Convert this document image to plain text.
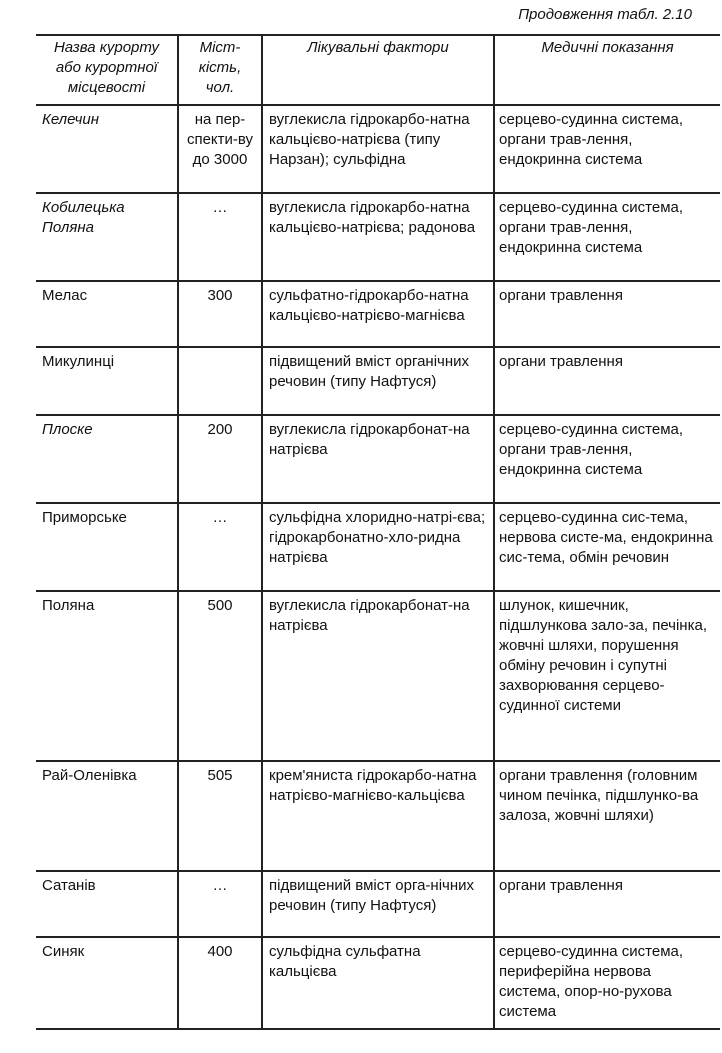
Продовження табл. 2.10
Назва курорту або курортної місцевості	Міст-кість, чол.	Лікувальні фактори	Медичні показання
Келечин	на пер-спекти-ву до 3000	вуглекисла гідрокарбо-натна кальцієво-натрієва (типу Нарзан); сульфідна	серцево-судинна система, органи трав-лення, ендокринна система
Кобилецька Поляна	…	вуглекисла гідрокарбо-натна кальцієво-натрієва; радонова	серцево-судинна система, органи трав-лення, ендокринна система
Мелас	300	сульфатно-гідрокарбо-натна кальцієво-натрієво-магнієва	органи травлення
Микулинці		підвищений вміст органічних речовин (типу Нафтуся)	органи травлення
Плоске	200	вуглекисла гідрокарбонат-на натрієва	серцево-судинна система, органи трав-лення, ендокринна система
Приморське	…	сульфідна хлоридно-натрі-єва; гідрокарбонатно-хло-ридна натрієва	серцево-судинна сис-тема, нервова систе-ма, ендокринна сис-тема, обмін речовин
Поляна	500	вуглекисла гідрокарбонат-на натрієва	шлунок, кишечник, підшлункова зало-за, печінка, жовчні шляхи, порушення обміну речовин і супутні захворювання серцево-судинної системи
Рай-Оленівка	505	крем'яниста гідрокарбо-натна натрієво-магнієво-кальцієва	органи травлення (головним чином печінка, підшлунко-ва залоза, жовчні шляхи)
Сатанів	…	підвищений вміст орга-нічних речовин (типу Нафтуся)	органи травлення
Синяк	400	сульфідна сульфатна кальцієва	серцево-судинна система, периферійна нервова система, опор-но-рухова система
